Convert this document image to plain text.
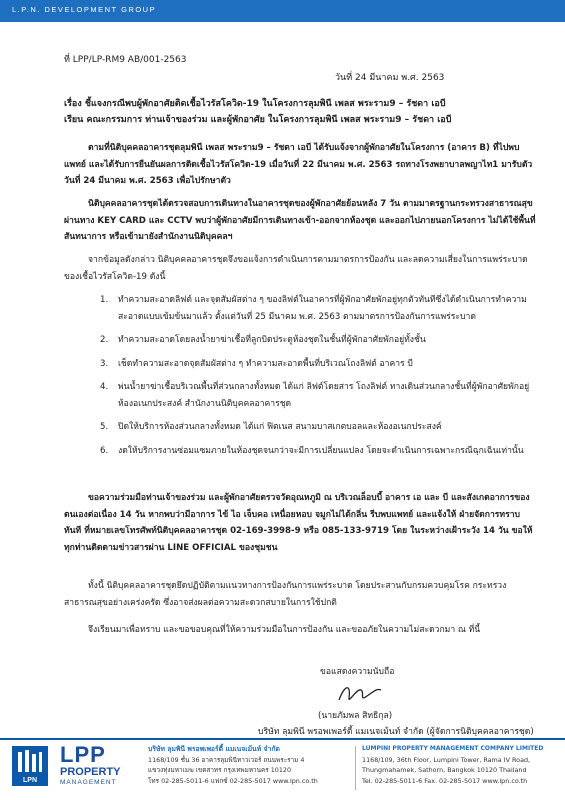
L.P.N. DEVELOPMENT GROUP
ที่ LPP/LP-RM9 AB/001-2563
วันที่ 24 มีนาคม พ.ศ. 2563
เรื่อง ชี้แจงกรณีพบผู้พักอาศัยติดเชื้อไวรัสโควิด-19 ในโครงการลุมพินี เพลส พระราม9 – รัชดา เอบี
เรียน คณะกรรมการ ท่านเจ้าของร่วม และผู้พักอาศัย ในโครงการลุมพินี เพลส พระราม9 – รัชดา เอบี
ตามที่นิติบุคคลอาคารชุดลุมพินี เพลส พระราม9 – รัชดา เอบี ได้รับแจ้งจากผู้พักอาศัยในโครงการ (อาคาร B) ที่ไปพบแพทย์ และได้รับการยืนยันผลการติดเชื้อไวรัสโควิด-19 เมื่อวันที่ 22 มีนาคม พ.ศ. 2563 รถทางโรงพยาบาลพญาไท1 มารับตัววันที่ 24 มีนาคม พ.ศ. 2563 เพื่อไปรักษาตัว
นิติบุคคลอาคารชุดได้ตรวจสอบการเดินทางในอาคารชุดของผู้พักอาศัยย้อนหลัง 7 วัน ตามมาตรฐานกระทรวงสาธารณสุข ผ่านทาง KEY CARD และ CCTV พบว่าผู้พักอาศัยมีการเดินทางเข้า-ออกจากห้องชุด และออกไปภายนอกโครงการ ไม่ได้ใช้พื้นที่สันทนาการ หรือเข้ามายังสำนักงานนิติบุคคลฯ
จากข้อมูลดังกล่าว นิติบุคคลอาคารชุดจึงขอแจ้งการดำเนินการตามมาตรการป้องกัน และลดความเสี่ยงในการแพร่ระบาดของเชื้อไวรัสโควิด-19 ดังนี้
1. ทำความสะอาดลิฟต์ และจุดสัมผัสต่าง ๆ ของลิฟต์ในอาคารที่ผู้พักอาศัยพักอยู่ทุกตัวทันทีซึ่งได้ดำเนินการทำความสะอาดแบบเข้มข้นมาแล้ว ตั้งแต่วันที่ 25 มีนาคม พ.ศ. 2563 ตามมาตรการป้องกันการแพร่ระบาด
2. ทำความสะอาดโดยลงน้ำยาฆ่าเชื้อที่ลูกบิดประตูห้องชุดในชั้นที่ผู้พักอาศัยพักอยู่ทั้งชั้น
3. เช็ดทำความสะอาดจุดสัมผัสต่าง ๆ ทำความสะอาดพื้นที่บริเวณโถงลิฟต์ อาคาร บี
4. พ่นน้ำยาฆ่าเชื้อบริเวณพื้นที่ส่วนกลางทั้งหมด ได้แก่ ลิฟต์โดยสาร โถงลิฟต์ ทางเดินส่วนกลางชั้นที่ผู้พักอาศัยพักอยู่ ห้องอเนกประสงค์ สำนักงานนิติบุคคลอาคารชุด
5. ปิดให้บริการห้องส่วนกลางทั้งหมด ได้แก่ ฟิตเนส สนามบาสเกตบอลและห้องอเนกประสงค์
6. งดให้บริการงานซ่อมแซมภายในห้องชุดจนกว่าจะมีการเปลี่ยนแปลง โดยจะดำเนินการเฉพาะกรณีฉุกเฉินเท่านั้น
ขอความร่วมมือท่านเจ้าของร่วม และผู้พักอาศัยตรวจวัดอุณหภูมิ ณ บริเวณล็อบบี้ อาคาร เอ และ บี และสังเกตอาการของตนเองต่อเนื่อง 14 วัน หากพบว่ามีอาการ ไข้ ไอ เจ็บคอ เหนื่อยหอบ จมูกไม่ได้กลิ่น รีบพบแพทย์ และแจ้งให้ ฝ่ายจัดการทราบทันที ที่หมายเลขโทรศัพท์นิติบุคคลอาคารชุด 02-169-3998-9 หรือ 085-133-9719 โดย ในระหว่างเฝ้าระวัง 14 วัน ขอให้ทุกท่านติดตามข่าวสารผ่าน LINE OFFICIAL ของชุมชน
ทั้งนี้ นิติบุคคลอาคารชุดยึดปฏิบัติตามแนวทางการป้องกันการแพร่ระบาด โดยประสานกับกรมควบคุมโรค กระทรวงสาธารณสุขอย่างเคร่งครัด ซึ่งอาจส่งผลต่อความสะดวกสบายในการใช้ปกติ
จึงเรียนมาเพื่อทราบ และขอขอบคุณที่ให้ความร่วมมือในการป้องกัน และขออภัยในความไม่สะดวกมา ณ ที่นี้
ขอแสดงความนับถือ
(นายภัมพล สิทธิกุล)
บริษัท ลุมพินี พรอพเพอร์ตี้ แมเนจเม้นท์ จำกัด (ผู้จัดการนิติบุคคลอาคารชุด)
LPN
LPP
PROPERTY
MANAGEMENT
บริษัท ลุมพินี พรอพเพอร์ตี้ แมเนจเม้นท์ จำกัด
1168/109 ชั้น 36 อาคารลุมพินีทาวเวอร์ ถนนพระราม 4
แขวงทุ่งมหาเมฆ เขตสาทร กรุงเทพมหานคร 10120
โทร 02-285-5011-6 แฟกซ์ 02-285-5017 www.lpn.co.th
LUMPINI PROPERTY MANAGEMENT COMPANY LIMITED
1168/109, 36th Floor, Lumpini Tower, Rama IV Road,
Thungmahamek, Sathorn, Bangkok 10120 Thailand
Tel. 02-285-5011-6 Fax. 02-285-5017 www.lpn.co.th
